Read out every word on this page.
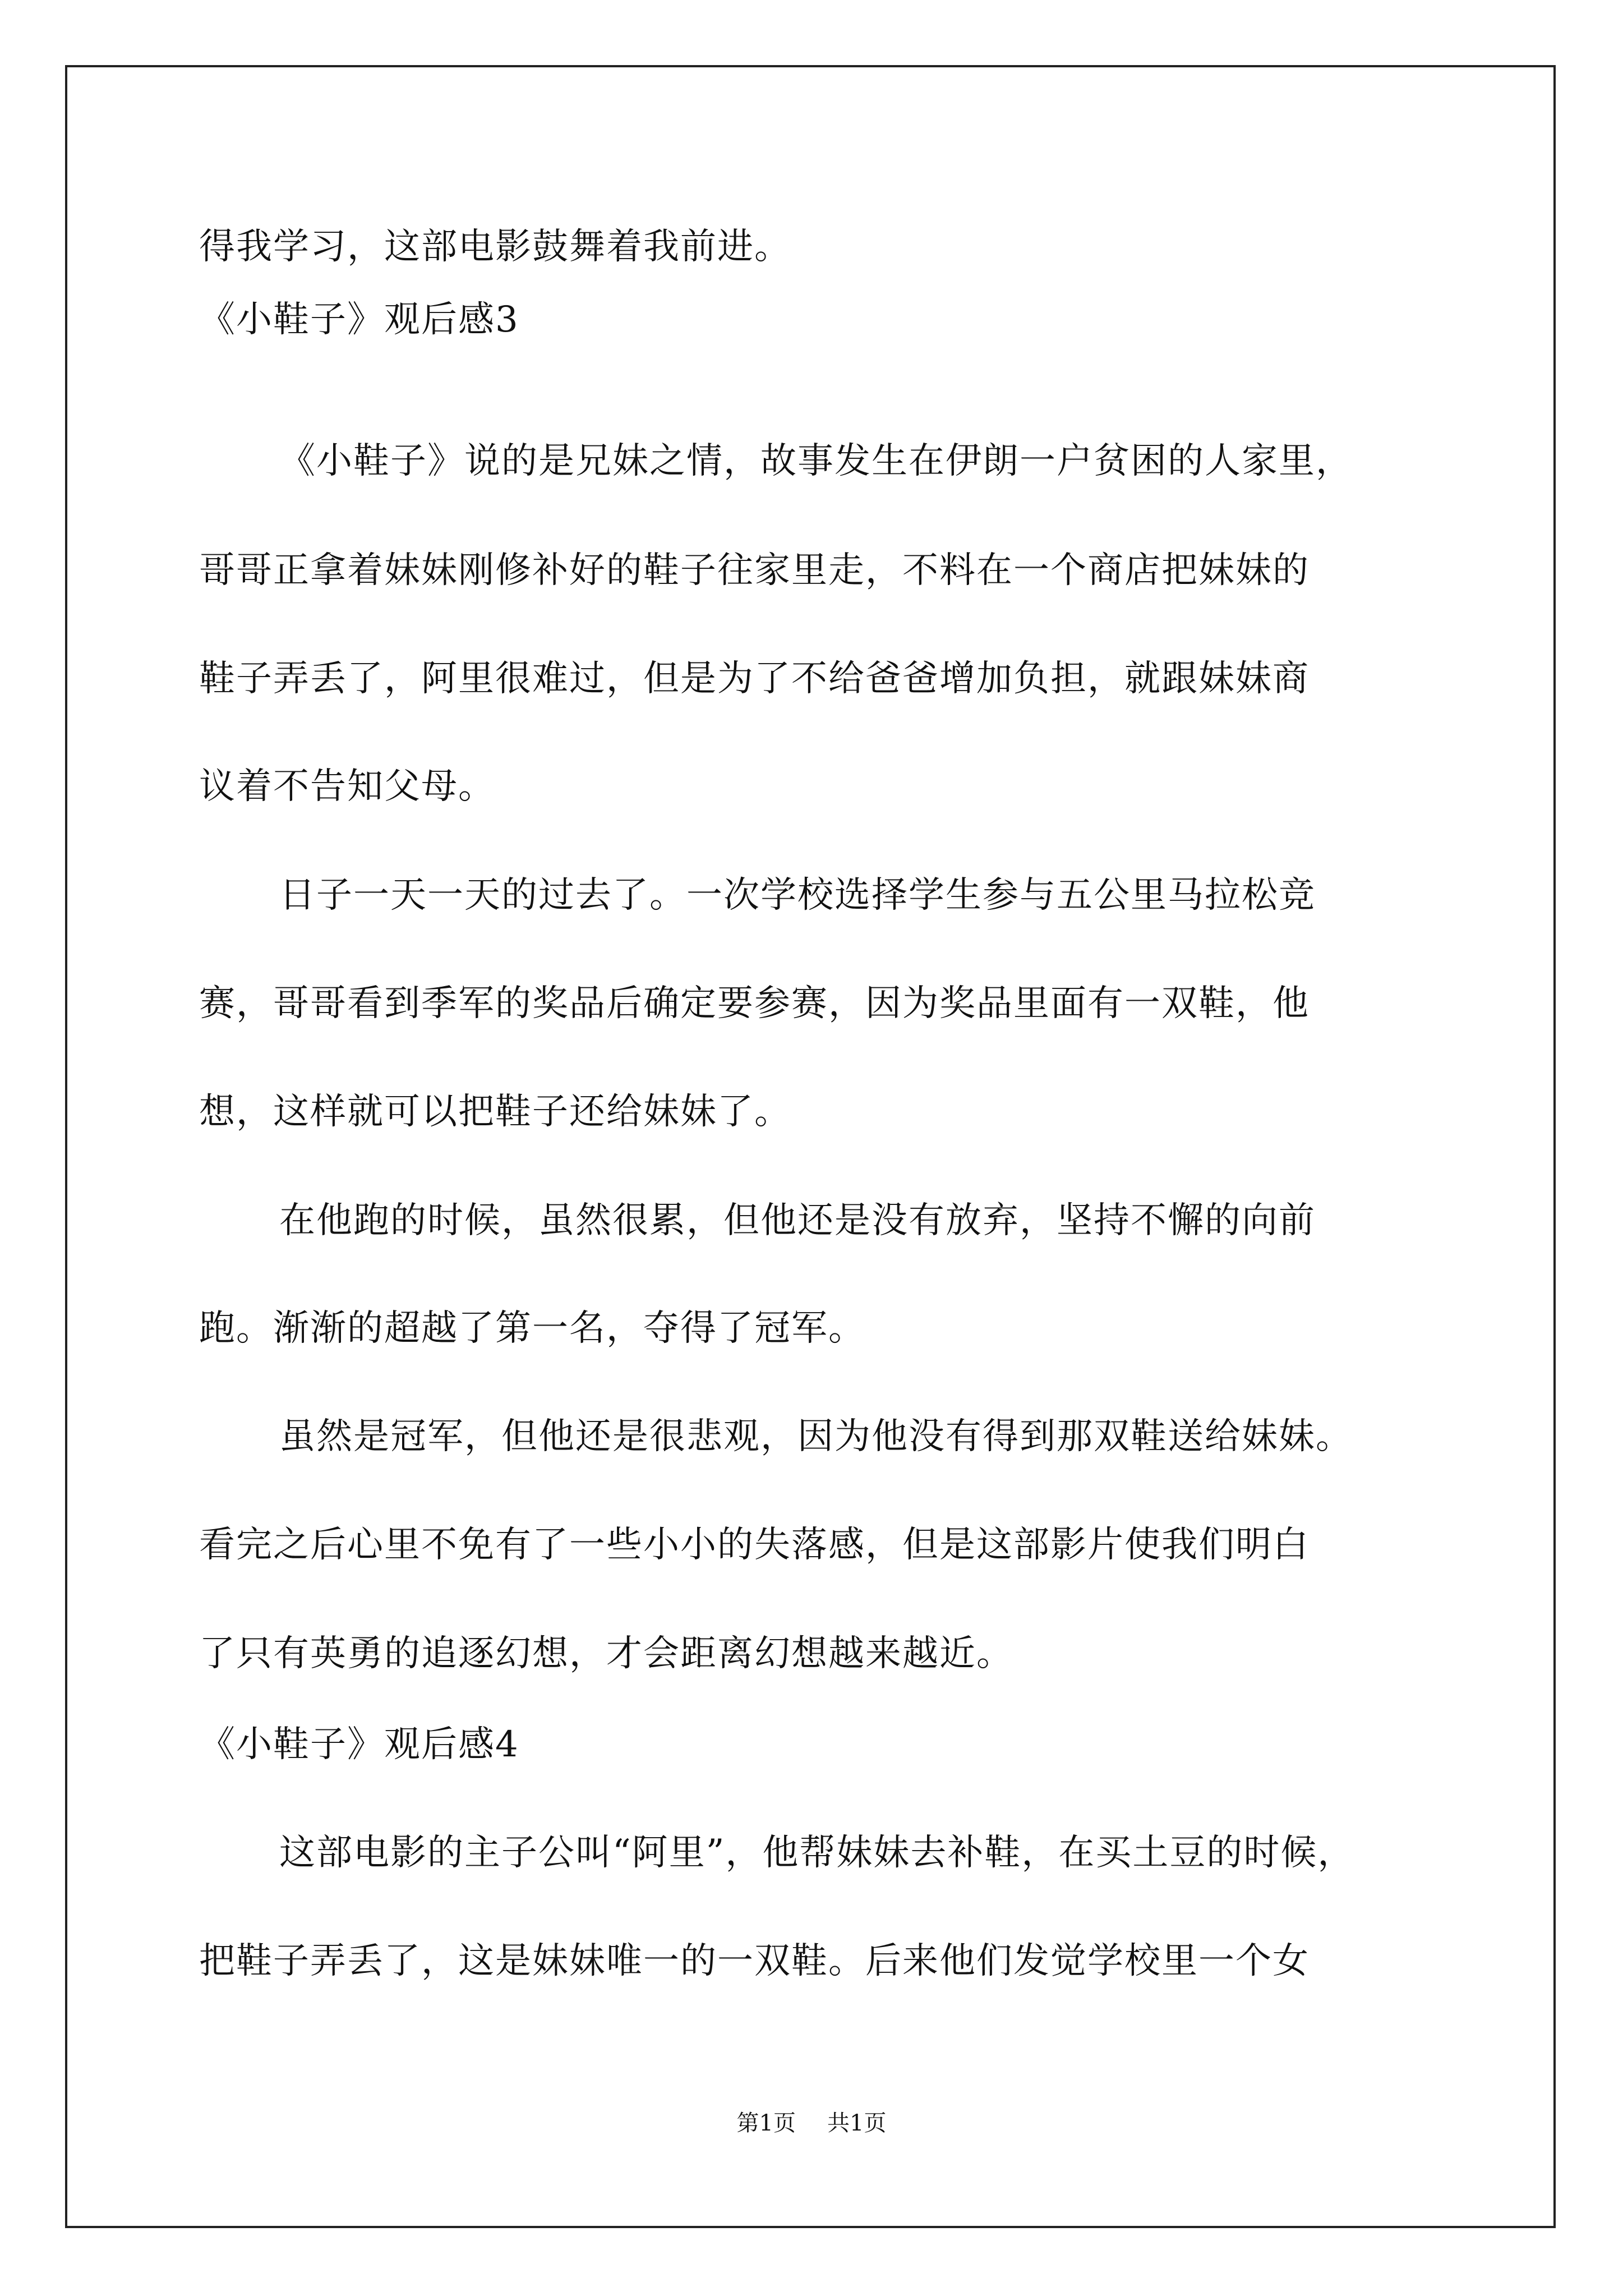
得我学习，这部电影鼓舞着我前进。
《小鞋子》观后感3
《小鞋子》说的是兄妹之情，故事发生在伊朗一户贫困的人家里，
哥哥正拿着妹妹刚修补好的鞋子往家里走，不料在一个商店把妹妹的
鞋子弄丢了，阿里很难过，但是为了不给爸爸增加负担，就跟妹妹商
议着不告知父母。
日子一天一天的过去了。一次学校选择学生参与五公里马拉松竞
赛，哥哥看到季军的奖品后确定要参赛，因为奖品里面有一双鞋，他
想，这样就可以把鞋子还给妹妹了。
在他跑的时候，虽然很累，但他还是没有放弃，坚持不懈的向前
跑。渐渐的超越了第一名，夺得了冠军。
虽然是冠军，但他还是很悲观，因为他没有得到那双鞋送给妹妹。
看完之后心里不免有了一些小小的失落感，但是这部影片使我们明白
了只有英勇的追逐幻想，才会距离幻想越来越近。
《小鞋子》观后感4
这部电影的主子公叫“阿里”，他帮妹妹去补鞋，在买土豆的时候，
把鞋子弄丢了，这是妹妹唯一的一双鞋。后来他们发觉学校里一个女
第1页 共1页
